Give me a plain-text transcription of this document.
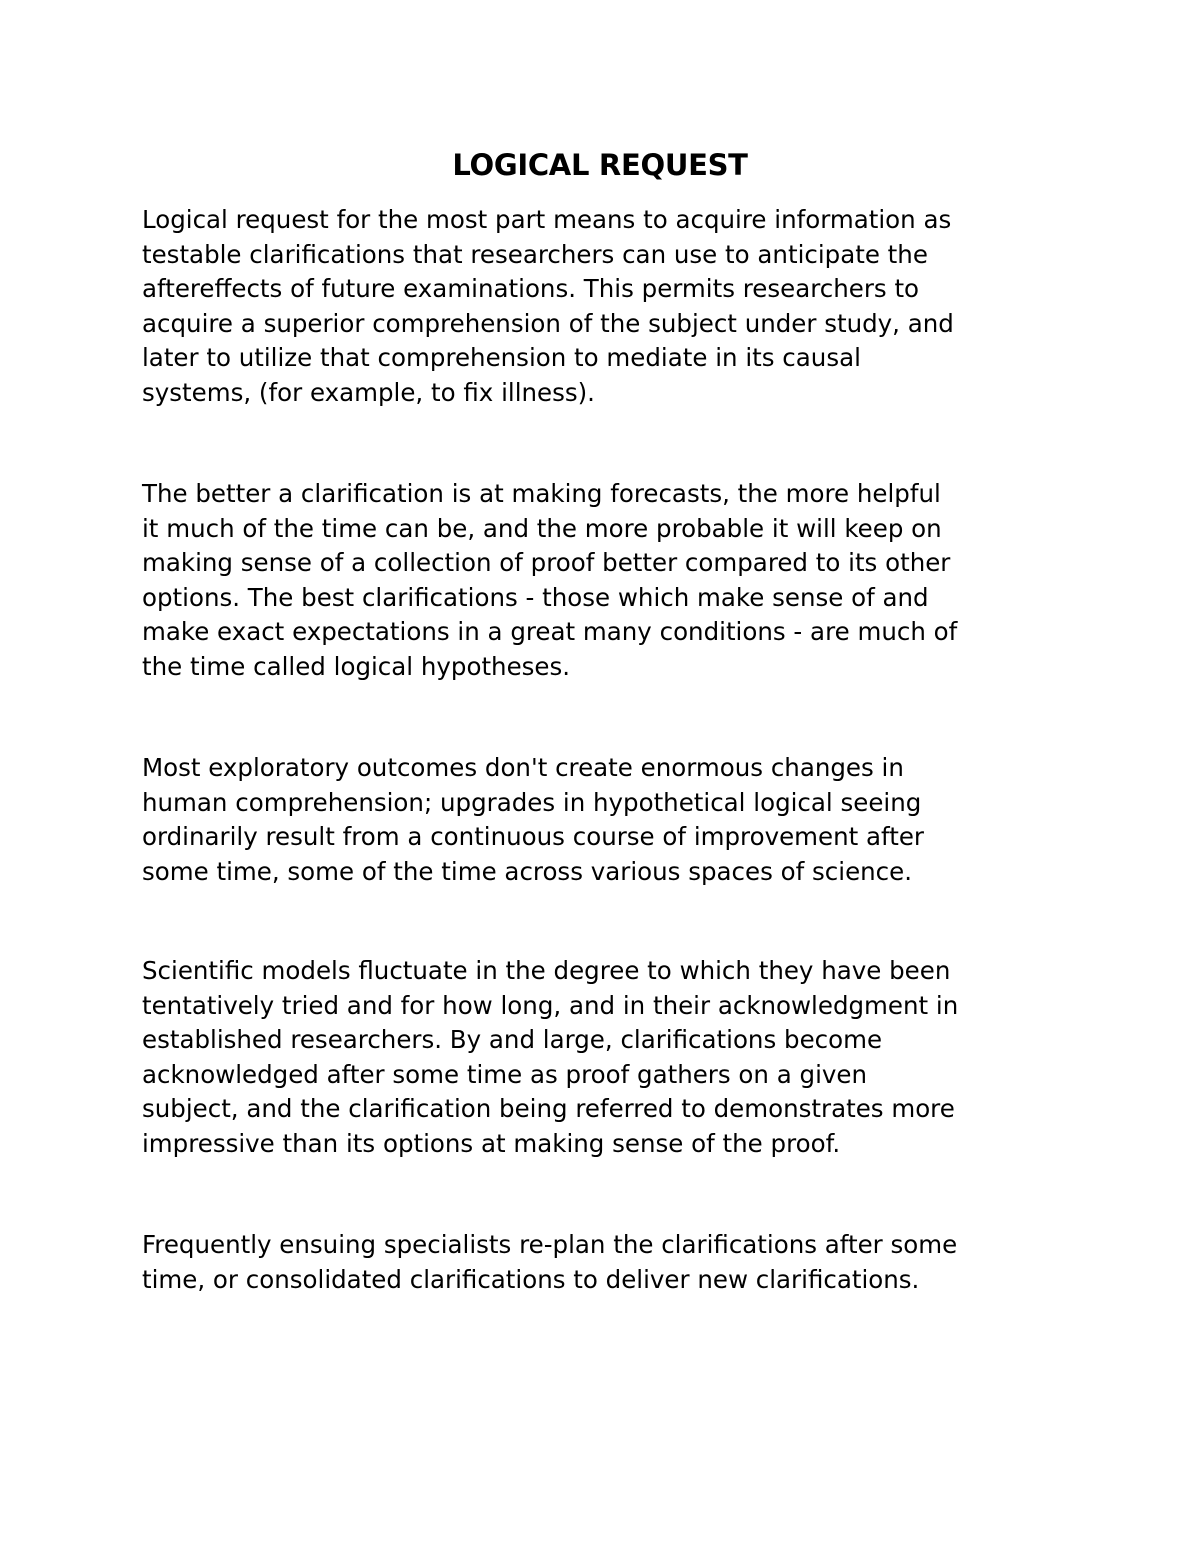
LOGICAL REQUEST

Logical request for the most part means to acquire information as
testable clarifications that researchers can use to anticipate the
aftereffects of future examinations. This permits researchers to
acquire a superior comprehension of the subject under study, and
later to utilize that comprehension to mediate in its causal
systems, (for example, to fix illness).

The better a clarification is at making forecasts, the more helpful
it much of the time can be, and the more probable it will keep on
making sense of a collection of proof better compared to its other
options. The best clarifications - those which make sense of and
make exact expectations in a great many conditions - are much of
the time called logical hypotheses.

Most exploratory outcomes don't create enormous changes in
human comprehension; upgrades in hypothetical logical seeing
ordinarily result from a continuous course of improvement after
some time, some of the time across various spaces of science.

Scientific models fluctuate in the degree to which they have been
tentatively tried and for how long, and in their acknowledgment in
established researchers. By and large, clarifications become
acknowledged after some time as proof gathers on a given
subject, and the clarification being referred to demonstrates more
impressive than its options at making sense of the proof.

Frequently ensuing specialists re-plan the clarifications after some
time, or consolidated clarifications to deliver new clarifications.
